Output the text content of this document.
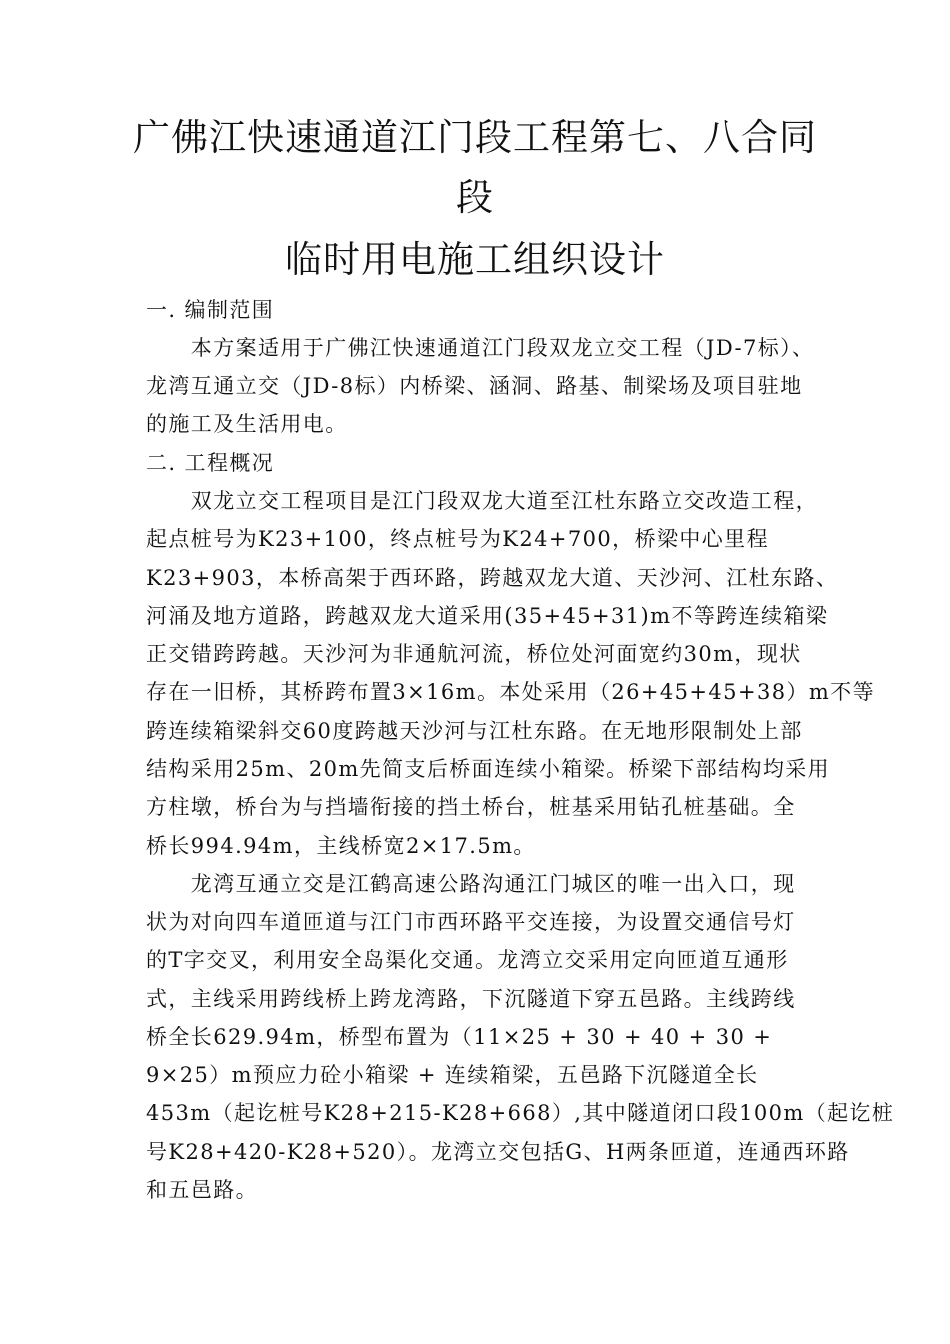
广佛江快速通道江门段工程第七、八合同
段
临时用电施工组织设计
一. 编制范围
　　本方案适用于广佛江快速通道江门段双龙立交工程（JD-7标）、
龙湾互通立交（JD-8标）内桥梁、涵洞、路基、制梁场及项目驻地
的施工及生活用电。
二. 工程概况
　　双龙立交工程项目是江门段双龙大道至江杜东路立交改造工程，
起点桩号为K23+100，终点桩号为K24+700，桥梁中心里程
K23+903，本桥高架于西环路，跨越双龙大道、天沙河、江杜东路、
河涌及地方道路，跨越双龙大道采用(35+45+31)m不等跨连续箱梁
正交错跨跨越。天沙河为非通航河流，桥位处河面宽约30m，现状
存在一旧桥，其桥跨布置3×16m。本处采用（26+45+45+38）m不等
跨连续箱梁斜交60度跨越天沙河与江杜东路。在无地形限制处上部
结构采用25m、20m先简支后桥面连续小箱梁。桥梁下部结构均采用
方柱墩，桥台为与挡墙衔接的挡土桥台，桩基采用钻孔桩基础。全
桥长994.94m，主线桥宽2×17.5m。
　　龙湾互通立交是江鹤高速公路沟通江门城区的唯一出入口，现
状为对向四车道匝道与江门市西环路平交连接，为设置交通信号灯
的T字交叉，利用安全岛渠化交通。龙湾立交采用定向匝道互通形
式，主线采用跨线桥上跨龙湾路，下沉隧道下穿五邑路。主线跨线
桥全长629.94m，桥型布置为（11×25 + 30 + 40 + 30 +
9×25）m预应力砼小箱梁 + 连续箱梁，五邑路下沉隧道全长
453m（起讫桩号K28+215-K28+668）,其中隧道闭口段100m（起讫桩
号K28+420-K28+520）。龙湾立交包括G、H两条匝道，连通西环路
和五邑路。
